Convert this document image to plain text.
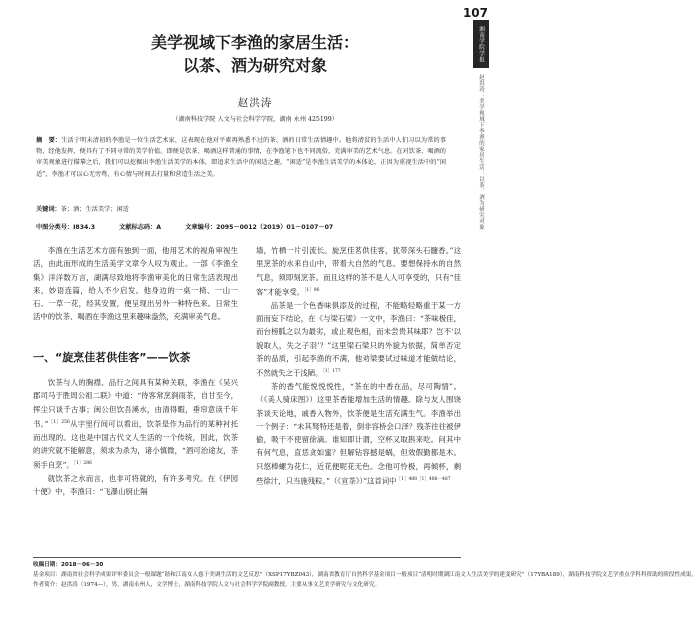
107
湘南学院学报
赵洪涛：美学视域下李渔的家居生活：以茶、酒为研究对象
美学视域下李渔的家居生活：
以茶、酒为研究对象
赵洪涛
（湖南科技学院 人文与社会科学学院，湖南 永州 425199）
摘　要：生活于明末清初的李渔是一位生活艺术家，这表现在他对平素再熟悉不过的茶、酒的日常生活情趣中。他将清贫的生活中人们习以为常的事物，经他发挥，便具有了不同寻常的美学价值。即便是饮茶、喝酒这样普通的事情，在李渔笔下也不同流俗，充满审美的艺术气息。在对饮茶、喝酒的审美观象进行描摹之后，我们可以挖掘出李渔生活美学的本体，即追求生活中的闲适之趣，“闲适”是李渔生活美学的本体论，正因为重视生活中的“闲适”，李渔才可以心无旁骛，有心情与时间去打量和营造生活之美。
关键词：茶；酒；生活美学；闲适
中图分类号：I834.3	文献标志码：A	文章编号：2095－0012（2019）01－0107－07

李渔在生活艺术方面有独到一面，他用艺术的视角审视生活，由此而形成的生活美学文章令人叹为观止。一部《李渔全集》洋洋数万言，湖满尽致地将李渔审美化的日常生活表现出来，妙语连篇，给人不少启发。他身边的一桌一椅、一山一石、一草一花，经其安置，便呈现出另外一种特色来。日常生活中的饮茶、喝酒在李渔这里来趣味盎然，充满审美气息。

一、“旋烹佳茗供佳客”——饮茶

饮茶与人的胸襟、品行之间具有某种关联，李渔在《吴兴郡司马于胜周公祖二联》中道：“待客常烹涧雨茶，自甘至今，挥尘只谈千古事；闽公但饮吾溪水，由清得暇，垂帘意读千年书。”$^{[1]256}$从字里行间可以看出，饮茶是作为品行的某种衬托而出现的。这也是中国古代文人生活的一个传统，因此，饮茶的讲究就不能解意，须求为杀为，诸小慎微，“酒可治途友，茶须手自烹”。$^{[1]286}$

就饮茶之水而言，也非可将就的，有许多考究。在《伊园十便》中，李渔曰：“飞瀑山厨止隔

墙，竹栖一片引流长。旋烹佳茗供佳客，犹带深头石髓香。”这里烹茶的水来自山中，带着大自然的气息。要想保持水的自然气息，须即刻烹茶。而且这样的茶不是人人可享受的，只有“佳客”才能享受。$^{[1]96}$

品茶是一个色香味俱添及的过程，不能略轻略重于某一方面而妄下结论，在《与梁石梁》一文中，李渔曰：“茶味极佳，而台榜胍之以为最劣，或止观色相，而未尝贵其味耶？岂不‘以貌取人，失之子羽’？”这里梁石梁只的外貌为依据，简单否定茶的品质，引起李渔的不满，他劝梁要试过味道才能做结论，不然就失之于浅陋。$^{[1]177}$

茶的香气能悦悦悦性，“茶在的中香在品，尽可陶情”。（《美人骑床图》）这里茶香能增加生活的情趣。除与友人围饶茶谈天论地，戚香入物外，饮茶便是生活充满生气。李渔举出一个例子：“未其驽特还是着，倒非容桥会口泽？残茶往往被伊偷，吸干不使留徐滴。谁知即计谓，空杯又取斟来吃。问其中有何气息，直恁贪如蜜？但解钻容撼是蜗，但效假勤都是木。只悠棒螺为花仁，近花便呢花无色。念他可怜极，再倾杯，剩些徐汁，只当施残粒。”（《宣茶》）”这首词中$^{[1]488[1]486-487}$

收稿日期：2018－06－30
基金项目：湖南省社会科学成果评审委员会一般课题“谐和江南女人慈于美调生活的文艺反思”（XSP17YBZ043），湖南省教育厅自然科学基金项目一般项目“清明时期湖江南文人生活美学的建变研究”（17YBA189），湖南科技学院文艺学重点学科科资助的阶段性成果。
作者简介：赵洪涛（1974—），男，湖南永州人，文学博士，湖南科技学院人文与社会科学学院副教授，主要从事文艺美学研究与文化研究。
